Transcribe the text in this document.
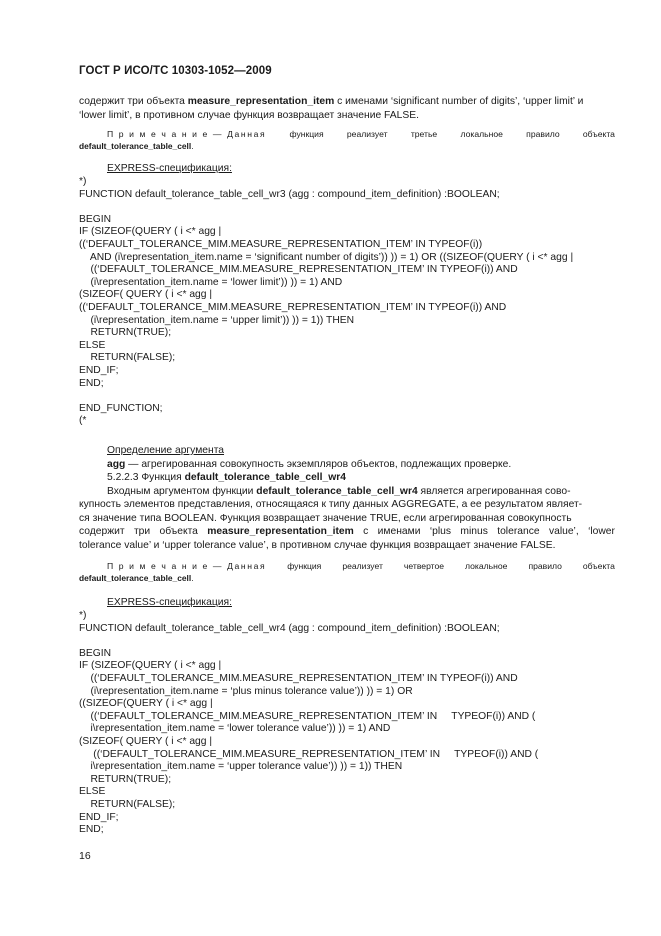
ГОСТ Р ИСО/ТС 10303-1052—2009
содержит три объекта measure_representation_item с именами ‘significant number of digits’, ‘upper limit’ и
‘lower limit’, в противном случае функция возвращает значение FALSE.
П р и м е ч а н и е — Данная	функция	реализует	третье	локальное	правило	объекта
default_tolerance_table_cell.
EXPRESS-спецификация:
*)
FUNCTION default_tolerance_table_cell_wr3 (agg : compound_item_definition) :BOOLEAN;
BEGIN
IF (SIZEOF(QUERY ( i <* agg |
((‘DEFAULT_TOLERANCE_MIM.MEASURE_REPRESENTATION_ITEM’ IN TYPEOF(i))
AND (i\representation_item.name = ‘significant number of digits’)) )) = 1) OR ((SIZEOF(QUERY ( i <* agg |
((‘DEFAULT_TOLERANCE_MIM.MEASURE_REPRESENTATION_ITEM’ IN TYPEOF(i)) AND
(i\representation_item.name = ‘lower limit’)) )) = 1) AND
(SIZEOF( QUERY ( i <* agg |
((‘DEFAULT_TOLERANCE_MIM.MEASURE_REPRESENTATION_ITEM’ IN TYPEOF(i)) AND
(i\representation_item.name = ‘upper limit’)) )) = 1)) THEN
RETURN(TRUE);
ELSE
RETURN(FALSE);
END_IF;
END;
END_FUNCTION;
(*
Определение аргумента
agg — агрегированная совокупность экземпляров объектов, подлежащих проверке.
5.2.2.3 Функция default_tolerance_table_cell_wr4
Входным аргументом функции default_tolerance_table_cell_wr4 является агрегированная сово-
купность элементов представления, относящаяся к типу данных AGGREGATE, а ее результатом являет-
ся значение типа BOOLEAN. Функция возвращает значение TRUE, если агрегированная совокупность
содержит три объекта measure_representation_item с именами ‘plus minus tolerance value’, ‘lower
tolerance value’ и ‘upper tolerance value’, в противном случае функция возвращает значение FALSE.
П р и м е ч а н и е — Данная функция реализует четвертое локальное правило объекта
default_tolerance_table_cell.
EXPRESS-спецификация:
*)
FUNCTION default_tolerance_table_cell_wr4 (agg : compound_item_definition) :BOOLEAN;
BEGIN
IF (SIZEOF(QUERY ( i <* agg |
((‘DEFAULT_TOLERANCE_MIM.MEASURE_REPRESENTATION_ITEM’ IN TYPEOF(i)) AND
(i\representation_item.name = ‘plus minus tolerance value’)) )) = 1) OR
((SIZEOF(QUERY ( i <* agg |
((‘DEFAULT_TOLERANCE_MIM.MEASURE_REPRESENTATION_ITEM’ IN     TYPEOF(i)) AND (
i\representation_item.name = ‘lower tolerance value’)) )) = 1) AND
(SIZEOF( QUERY ( i <* agg |
((‘DEFAULT_TOLERANCE_MIM.MEASURE_REPRESENTATION_ITEM’ IN     TYPEOF(i)) AND (
i\representation_item.name = ‘upper tolerance value’)) )) = 1)) THEN
RETURN(TRUE);
ELSE
RETURN(FALSE);
END_IF;
END;
16
